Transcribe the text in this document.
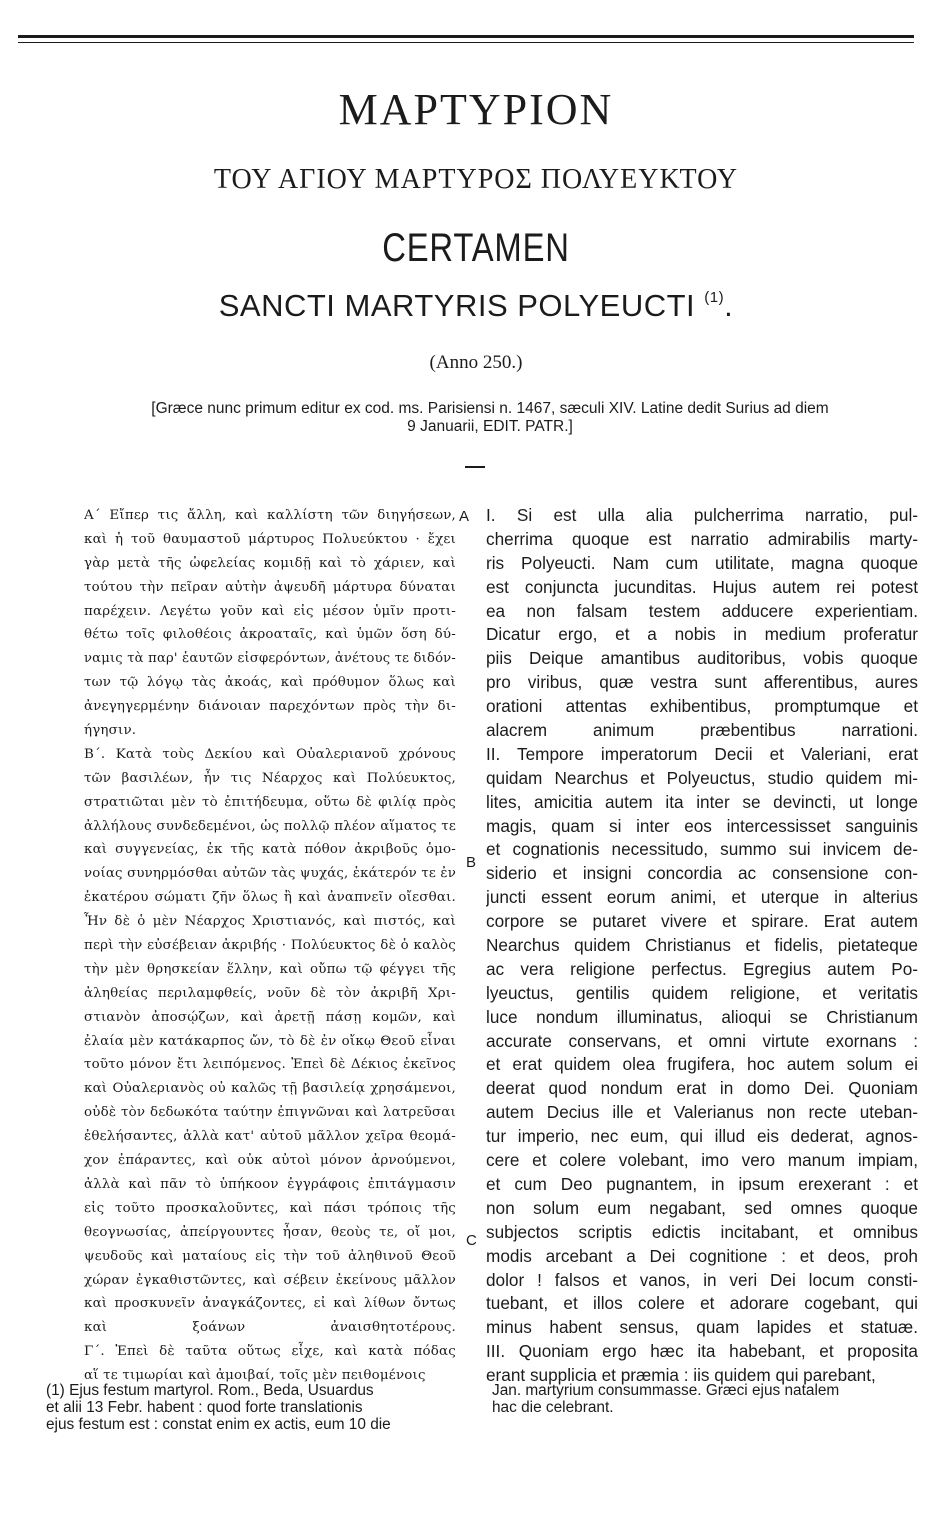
ΜΑΡΤΥΡΙΟΝ
ΤΟΥ ΑΓΙΟΥ ΜΑΡΤΥΡΟΣ ΠΟΛΥΕΥΚΤΟΥ
CERTAMEN
SANCTI MARTYRIS POLYEUCTI $^{(1)}$.
(Anno 250.)
[Græce nunc primum editur ex cod. ms. Parisiensi n. 1467, sæculi XIV. Latine dedit Surius ad diem
9 Januarii, EDIT. PATR.]
A
B
C
Α΄ Εἴπερ τις ἄλλη, καὶ καλλίστη τῶν διηγήσεων,
καὶ ἡ τοῦ θαυμαστοῦ μάρτυρος Πολυεύκτου · ἔχει
γὰρ μετὰ τῆς ὠφελείας κομιδῇ καὶ τὸ χάριεν, καὶ
τούτου τὴν πεῖραν αὐτὴν ἀψευδῆ μάρτυρα δύναται
παρέχειν. Λεγέτω γοῦν καὶ εἰς μέσον ὑμῖν προτι-
θέτω τοῖς φιλοθέοις ἀκροαταῖς, καὶ ὑμῶν ὅση δύ-
ναμις τὰ παρ' ἑαυτῶν εἰσφερόντων, ἀνέτους τε διδόν-
των τῷ λόγῳ τὰς ἀκοάς, καὶ πρόθυμον ὅλως καὶ
ἀνεγηγερμένην διάνοιαν παρεχόντων πρὸς τὴν δι-
ήγησιν.
Β΄. Κατὰ τοὺς Δεκίου καὶ Οὐαλεριανοῦ χρόνους
τῶν βασιλέων, ἦν τις Νέαρχος καὶ Πολύευκτος,
στρατιῶται μὲν τὸ ἐπιτήδευμα, οὕτω δὲ φιλίᾳ πρὸς
ἀλλήλους συνδεδεμένοι, ὡς πολλῷ πλέον αἵματος τε
καὶ συγγενείας, ἐκ τῆς κατὰ πόθον ἀκριβοῦς ὁμο-
νοίας συνηρμόσθαι αὐτῶν τὰς ψυχάς, ἑκάτερόν τε ἐν
ἑκατέρου σώματι ζῆν ὅλως ἢ καὶ ἀναπνεῖν οἴεσθαι.
Ἦν δὲ ὁ μὲν Νέαρχος Χριστιανός, καὶ πιστός, καὶ
περὶ τὴν εὐσέβειαν ἀκριβής · Πολύευκτος δὲ ὁ καλὸς
τὴν μὲν θρησκείαν ἕλλην, καὶ οὔπω τῷ φέγγει τῆς
ἀληθείας περιλαμφθείς, νοῦν δὲ τὸν ἀκριβῆ Χρι-
στιανὸν ἀποσῴζων, καὶ ἀρετῇ πάσῃ κομῶν, καὶ
ἐλαία μὲν κατάκαρπος ὤν, τὸ δὲ ἐν οἴκῳ Θεοῦ εἶναι
τοῦτο μόνον ἔτι λειπόμενος. Ἐπεὶ δὲ Δέκιος ἐκεῖνος
καὶ Οὐαλεριανὸς οὐ καλῶς τῇ βασιλείᾳ χρησάμενοι,
οὐδὲ τὸν δεδωκότα ταύτην ἐπιγνῶναι καὶ λατρεῦσαι
ἐθελήσαντες, ἀλλὰ κατ' αὐτοῦ μᾶλλον χεῖρα θεομά-
χον ἐπάραντες, καὶ οὐκ αὐτοὶ μόνον ἀρνούμενοι,
ἀλλὰ καὶ πᾶν τὸ ὑπήκοον ἐγγράφοις ἐπιτάγμασιν
εἰς τοῦτο προσκαλοῦντες, καὶ πάσι τρόποις τῆς
θεογνωσίας, ἀπείργουντες ἦσαν, θεοὺς τε, οἴ μοι,
ψευδοῦς καὶ ματαίους εἰς τὴν τοῦ ἀληθινοῦ Θεοῦ
χώραν ἐγκαθιστῶντες, καὶ σέβειν ἐκείνους μᾶλλον
καὶ προσκυνεῖν ἀναγκάζοντες, εἰ καὶ λίθων ὄντως
καὶ ξοάνων ἀναισθητοτέρους.
Γ΄. Ἐπεὶ δὲ ταῦτα οὕτως εἶχε, καὶ κατὰ πόδας
αἵ τε τιμωρίαι καὶ ἀμοιβαί, τοῖς μὲν πειθομένοις
I. Si est ulla alia pulcherrima narratio, pul-
cherrima quoque est narratio admirabilis marty-
ris Polyeucti. Nam cum utilitate, magna quoque
est conjuncta jucunditas. Hujus autem rei potest
ea non falsam testem adducere experientiam.
Dicatur ergo, et a nobis in medium proferatur
piis Deique amantibus auditoribus, vobis quoque
pro viribus, quæ vestra sunt afferentibus, aures
orationi attentas exhibentibus, promptumque et
alacrem animum præbentibus narrationi.
II. Tempore imperatorum Decii et Valeriani, erat
quidam Nearchus et Polyeuctus, studio quidem mi-
lites, amicitia autem ita inter se devincti, ut longe
magis, quam si inter eos intercessisset sanguinis
et cognationis necessitudo, summo sui invicem de-
siderio et insigni concordia ac consensione con-
juncti essent eorum animi, et uterque in alterius
corpore se putaret vivere et spirare. Erat autem
Nearchus quidem Christianus et fidelis, pietateque
ac vera religione perfectus. Egregius autem Po-
lyeuctus, gentilis quidem religione, et veritatis
luce nondum illuminatus, alioqui se Christianum
accurate conservans, et omni virtute exornans :
et erat quidem olea frugifera, hoc autem solum ei
deerat quod nondum erat in domo Dei. Quoniam
autem Decius ille et Valerianus non recte uteban-
tur imperio, nec eum, qui illud eis dederat, agnos-
cere et colere volebant, imo vero manum impiam,
et cum Deo pugnantem, in ipsum erexerant : et
non solum eum negabant, sed omnes quoque
subjectos scriptis edictis incitabant, et omnibus
modis arcebant a Dei cognitione : et deos, proh
dolor ! falsos et vanos, in veri Dei locum consti-
tuebant, et illos colere et adorare cogebant, qui
minus habent sensus, quam lapides et statuæ.
III. Quoniam ergo hæc ita habebant, et proposita
erant supplicia et præmia : iis quidem qui parebant,
(1) Ejus festum martyrol. Rom., Beda, Usuardus
et alii 13 Febr. habent : quod forte translationis
ejus festum est : constat enim ex actis, eum 10 die
Jan. martyrium consummasse. Græci ejus natalem
hac die celebrant.
